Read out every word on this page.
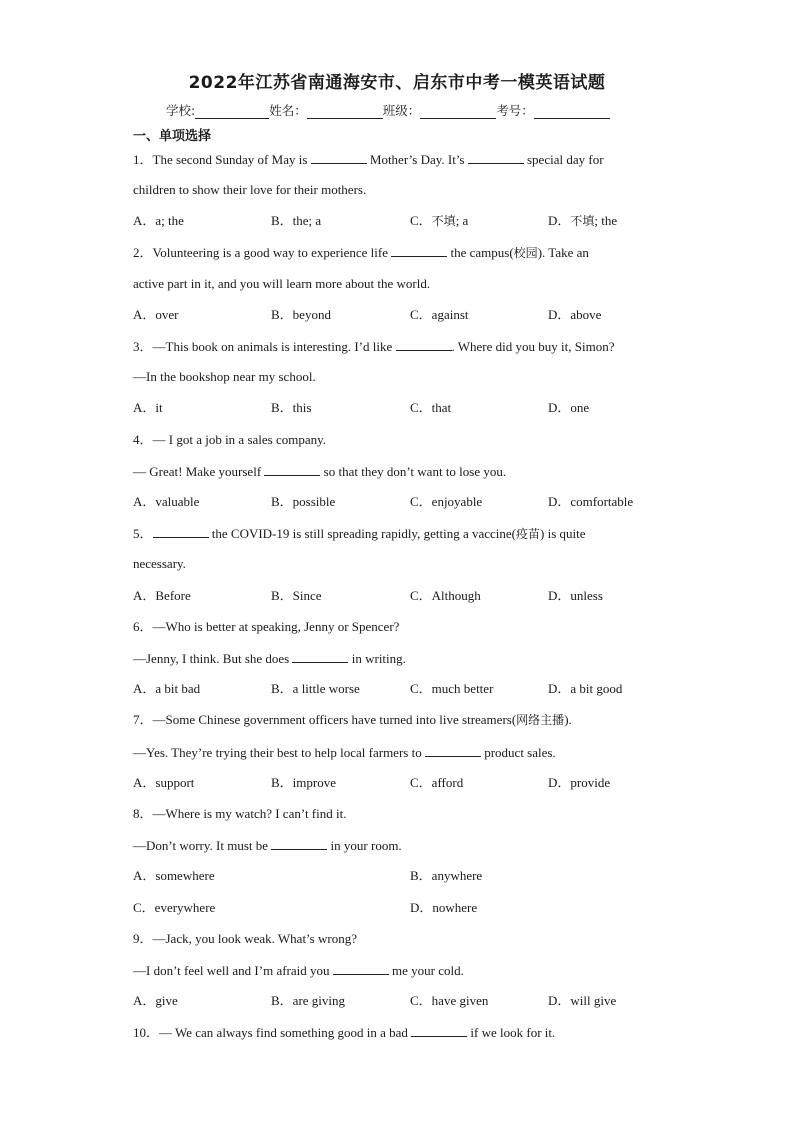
2022年江苏省南通海安市、启东市中考一模英语试题
学校:	姓名：	班级：	考号：
一、单项选择
1．The second Sunday of May is	Mother’s Day. It’s	special day for
children to show their love for their mothers.
A．a; the	B．the; a	C．不填; a	D．不填; the
2．Volunteering is a good way to experience life	the campus(校园). Take an
active part in it, and you will learn more about the world.
A．over	B．beyond	C．against	D．above
3．—This book on animals is interesting. I’d like	. Where did you buy it, Simon?
—In the bookshop near my school.
A．it	B．this	C．that	D．one
4．— I got a job in a sales company.
— Great! Make yourself	so that they don’t want to lose you.
A．valuable	B．possible	C．enjoyable	D．comfortable
5．	the COVID-19 is still spreading rapidly, getting a vaccine(疫苗) is quite
necessary.
A．Before	B．Since	C．Although	D．unless
6．—Who is better at speaking, Jenny or Spencer?
—Jenny, I think. But she does	in writing.
A．a bit bad	B．a little worse	C．much better	D．a bit good
7．—Some Chinese government officers have turned into live streamers(网络主播).
—Yes. They’re trying their best to help local farmers to	product sales.
A．support	B．improve	C．afford	D．provide
8．—Where is my watch? I can’t find it.
—Don’t worry. It must be	in your room.
A．somewhere	B．anywhere
C．everywhere	D．nowhere
9．—Jack, you look weak. What’s wrong?
—I don’t feel well and I’m afraid you	me your cold.
A．give	B．are giving	C．have given	D．will give
10．— We can always find something good in a bad	if we look for it.
